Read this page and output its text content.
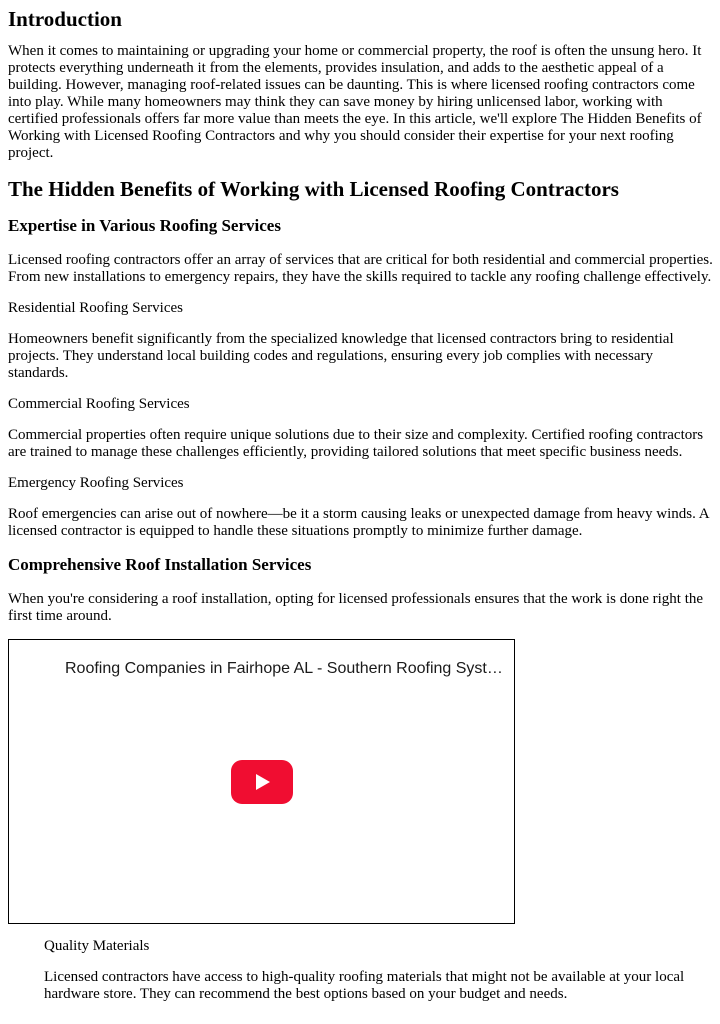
Introduction

When it comes to maintaining or upgrading your home or commercial property, the roof is often the unsung hero. It protects everything underneath it from the elements, provides insulation, and adds to the aesthetic appeal of a building. However, managing roof-related issues can be daunting. This is where licensed roofing contractors come into play. While many homeowners may think they can save money by hiring unlicensed labor, working with certified professionals offers far more value than meets the eye. In this article, we'll explore The Hidden Benefits of Working with Licensed Roofing Contractors and why you should consider their expertise for your next roofing project.

The Hidden Benefits of Working with Licensed Roofing Contractors
Expertise in Various Roofing Services

Licensed roofing contractors offer an array of services that are critical for both residential and commercial properties. From new installations to emergency repairs, they have the skills required to tackle any roofing challenge effectively.

Residential Roofing Services

Homeowners benefit significantly from the specialized knowledge that licensed contractors bring to residential projects. They understand local building codes and regulations, ensuring every job complies with necessary standards.

Commercial Roofing Services

Commercial properties often require unique solutions due to their size and complexity. Certified roofing contractors are trained to manage these challenges efficiently, providing tailored solutions that meet specific business needs.

Emergency Roofing Services

Roof emergencies can arise out of nowhere—be it a storm causing leaks or unexpected damage from heavy winds. A licensed contractor is equipped to handle these situations promptly to minimize further damage.

Comprehensive Roof Installation Services

When you're considering a roof installation, opting for licensed professionals ensures that the work is done right the first time around.

Roofing Companies in Fairhope AL - Southern Roofing Syst…

Quality Materials

Licensed contractors have access to high-quality roofing materials that might not be available at your local hardware store. They can recommend the best options based on your budget and needs.
